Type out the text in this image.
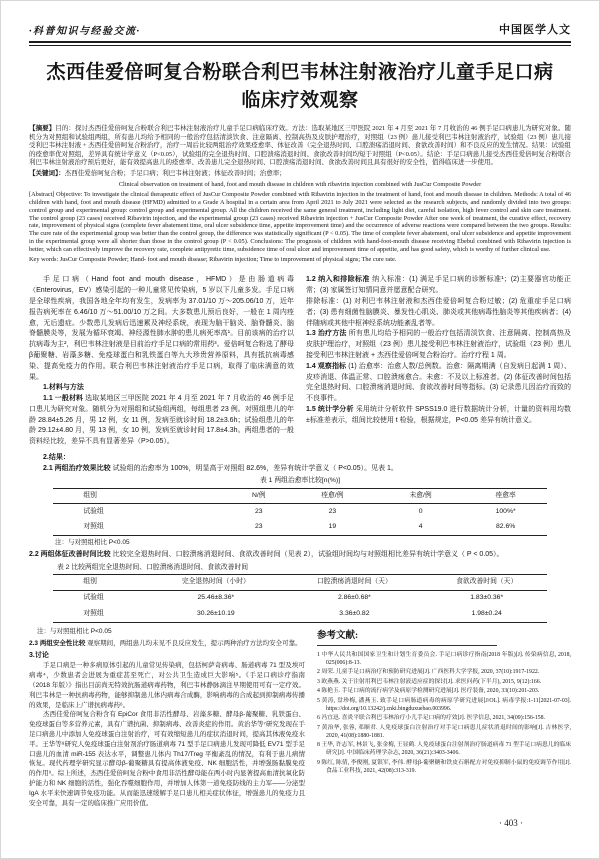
·科普知识与经验交流·	中国医学人文
杰西佳爱倍呵复合粉联合利巴韦林注射液治疗儿童手足口病
临床疗效观察

【摘要】目的：探讨杰西佳爱倍呵复合粉联合利巴韦林注射液治疗儿童手足口病临床疗效。方法：选取某地区三甲医院 2021 年 4 月至 2021 年 7 月收治的 46 例手足口病患儿为研究对象。随机分为对照组和试验组两组，所有患儿均给予相同的一般治疗包括清淡饮食、注意隔离、控制高热及皮肤护理治疗，对照组（23 例）患儿接受利巴韦林注射液治疗，试验组（23 例）患儿接受利巴韦林注射液 + 杰西佳爱倍呵复合粉治疗，治疗一周后比较两组治疗效果痊愈率、体征改善（完全退热时间、口腔溃疡消退时间、食欲改善时间）和不良反应的发生情况。结果：试验组的痊愈率优对照组，差异具有统计学意义（P<0.05），试验组的完全退热时间、口腔溃疡消退时间、食欲改善时间均短于对照组（P<0.05）。结论：手足口病患儿接受杰西佳爱倍呵复合粉联合利巴韦林注射液治疗预后更好，能有效提高患儿的痊愈率、改善患儿完全退热时间、口腔溃疡消退时间、食欲改善时间且具有很好的安全性，值得临床进一步使用。

【关键词】：杰西佳爱倍呵复合粉；手足口病；利巴韦林注射液；体征改善时间；治愈率；

Clinical observation on treatment of hand, foot and mouth disease in children with ribavirin injection combined with JusCur Composite Powder

[Abstract] Objective: To investigate the clinical therapeutic effect of JusCur Composite Powder combined with Ribavirin injection in the treatment of hand, foot and mouth disease in children. Methods: A total of 46 children with hand, foot and mouth disease (HFMD) admitted to a Grade A hospital in a certain area from April 2021 to July 2021 were selected as the research subjects, and randomly divided into two groups: control group and experimental group: control group and experimental group. All the children received the same general treatment, including light diet, careful isolation, high fever control and skin care treatment. The control group (23 cases) received Ribavirin injection, and the experimental group (23 cases) received Ribavirin injection + JusCur Composite Powder After one week of treatment, the curative effect, recovery rate, improvement of physical signs (complete fever abatement time, oral ulcer subsidence time, appetite improvement time) and the occurrence of adverse reactions were compared between the two groups. Results: The cure rate of the experimental group was better than the control group, the difference was statistically significant (P < 0.05). The time of complete fever abatement, oral ulcer subsidence and appetite improvement in the experimental group were all shorter than those in the control group (P < 0.05). Conclusions: The prognosis of children with hand-foot-mouth disease receiving Ebebul combined with Ribavirin injection is better, which can effectively improve the recovery rate, complete antipyretic time, subsidence time of oral ulcer and improvement time of appetite, and has good safety, which is worthy of further clinical use.

Key words: JusCur Composite Powder; Hand- foot and mouth disease; Ribavirin injection; Time to improvement of physical signs; The cure rate.

手足口病（Hand foot and mouth disease，HFMD）是由肠道病毒（Enterovirus，EV）感染引起的一种儿童常见传染病，5 岁以下儿童多发。手足口病是全球性疾病，我国各地全年均有发生，发病率为 37.01/10 万～205.06/10 万，近年报告病死率在 6.46/10 万～51.00/10 万之间。大多数患儿预后良好，一般在 1 周内痊愈，无后遗症。少数患儿发病后迅速累及神经系统，表现为脑干脑炎、脑脊髓炎、脑脊髓膜炎等，发展为循环衰竭、神经源性肺水肿的患儿病死率高¹。目前该病的治疗以抗病毒为主²，利巴韦林注射液是目前治疗手足口病的常用药³。爱倍呵复合粉选了酵母β葡聚糖、岩藻多糖、免疫球蛋白和乳铁蛋白等九大珍贵营养原料，具有抵抗病毒感染、提高免疫力的作用。联合利巴韦林注射液治疗手足口病，取得了临床满意的效果。

1.材料与方法

1.1 一般材料 选取某地区三甲医院 2021 年 4 月至 2021 年 7 月收治的 46 例手足口患儿为研究对象。随机分为对照组和试验组两组，每组患者 23 例。对照组患儿的年龄 28.84±5.26 月，男 12 例，女 11 例，发病至就诊时间 18.2±3.6h；试验组患儿的年龄 29.12±4.80 月，男 13 例，女 10 例，发病至就诊时间 17.8±4.3h。两组患者的一般资料经比较，差异不具有显著差异（P>0.05）。

1.2 纳入和排除标准 纳入标准：(1) 满足手足口病的诊断标准¹；(2)主要器官功能正常；(3) 家属签订知情同意并愿意配合研究。

排除标准：(1) 对利巴韦林注射液和杰西佳爱倍呵复合粉过敏；(2) 危重症手足口病者；(3) 患有细菌性脑膜炎、暴发性心肌炎、肺炎或其他病毒性脑炎等其他疾病者；(4) 伴随病或其他中枢神经系统功能紊乱者等。

1.3 治疗方法 所有患儿均给予相同的一般治疗包括清淡饮食、注意隔离、控制高热及皮肤护理治疗，对照组（23 例）患儿接受利巴韦林注射液治疗，试验组（23 例）患儿接受利巴韦林注射液 + 杰西佳爱倍呵复合粉治疗。治疗疗程 1 周。

1.4 观察指标 (1) 治愈率：治愈人数/总例数。治愈：隔离期满（自发病日起满 1 周）、皮疹消退、体温正常、口腔溃疡愈合。未愈：不及以上标准者。(2) 体征改善时间包括完全退热时间、口腔溃疡消退时间、食欲改善时间等指标。(3) 记录患儿因治疗而致的不良事件。

1.5 统计学分析 采用统计分析软件 SPSS19.0 进行数据统计分析，计量的资料用均数±标准差表示，组间比较使用 t 检验，根据规定，P<0.05 差异有统计意义。

2.结果：

2.1 两组治疗效果比较 试验组的治愈率为 100%，明显高于对照组 82.6%，差异有统计学意义（ P<0.05）。见表 1。

表 1 两组治愈率比较[n(%)]

组别	N/例	痊愈/例	未愈/例	痊愈率
试验组	23	23	0	100%*
对照组	23	19	4	82.6%

注：与对照组相比 P<0.05

2.2 两组体征改善时间比较 比较完全退热时间、口腔溃疡消退时间、食欲改善时间（见表 2），试验组时间均与对照组相比差异有统计学意义（ P < 0.05）。

表 2 比较两组完全退热时间、口腔溃疡消退时间、食欲改善时间

组别	完全退热时间（小时）	口腔溃疡消退时间（天）	食欲改善时间（天）
试验组	25.46±8.36*	2.86±0.68*	1.83±0.36*
对照组	30.26±10.19	3.36±0.82	1.98±0.24

注：与对照组相比 P<0.05

2.3 两组安全性比较 观察期间，两组患儿均未见不良反应发生，提示两种治疗方法均安全可靠。

3.讨论

手足口病是一种多病原体引起的儿童常见传染病，包括柯萨奇病毒、肠道病毒 71 型及埃可病毒⁴，少数患者会进展为重症甚至死亡，对公共卫生造成巨大影响⁵。《手足口病诊疗指南（2018 年版）》指出目前尚无特效抗肠道病毒药物，利巴韦林静脉滴注早期使用可有一定疗效。利巴韦林是一种抗病毒药物，能够抑制患儿体内病毒合成酶，影响病毒的合成起到抑制病毒传播的效果，是临床上广谱抗病毒药⁶。

杰西佳爱倍呵复合粉含有 EpiCor 食用非活性酵母、岩藻多糖、酵母β-葡聚糖、乳铁蛋白、免疫球蛋白等多营养元素，具有广谱抗菌、抑制病毒、改善炎症的作用。黄治华等⁷研究发现在手足口病患儿中添加人免疫球蛋白注射治疗，可有效缩短患儿的症状消退时间，提高其体液免疫水平。王华等⁸研究人免疫球蛋白注射剂治疗肠道病毒 71 型手足口病患儿发现可降低 EV71 型手足口患儿的血清 miR-155 表达水平，调整患儿体内 Th17/Treg 平衡紊乱的情况，有利于患儿病情恢复。现代药理学研究显示酵母β-葡聚糖具有提高体液免疫、NK 细胞活性，并增强肠黏膜免疫的作用⁹。综上所述，杰西佳爱倍呵复合粉中食用非活性酵母能在两小时内显著提高血清抗氧化防护能力和 NK 细胞的活性，强化吞噬细胞作用，并增加人体第一道免疫防线的主力军——分泌型 IgA 水平来快速调节免疫功能。从而能迅速缓解手足口患儿相关症状体征，增强患儿的免疫力且安全可靠，具有一定的临床推广应用价值。

参考文献:

1 中华人民共和国国家卫生和计划生育委员会. 手足口病诊疗指南(2018 年版)[J]. 传染病信息, 2018, 025(006):8-13.

2 周荣. 儿童手足口病治疗和预防研究进展[J]. 广西医科大学学报, 2020, 37(10):1917-1922.

3 欧燕燕. 关于注射用利巴韦林注射液适应症的探讨[J]. 求医问药(下半月), 2015, 9(12):166.

4 陈艳玉. 手足口病的流行病学及病原学检测研究进展[J]. 医疗装备, 2020, 33(10):201-203.

5 黄涛, 盘珍梅, 潘燕玉. 致手足口病肠道病毒的病原学研究进展[J/OL]. 病毒学报:1-11[2021-07-03]. https://doi.org/10.13242/j.cnki.bingduxuebao.003996.

6 冯宜迅. 喜炎平联合利巴韦林治疗小儿手足口病的疗效[J]. 医学信息, 2021, 34(09):156-158.

7 黄治华, 张蓉, 邓顺君. 人免疫球蛋白注射治疗对手足口病患儿症状消退时间的影响[J]. 吉林医学, 2020, 41(08):1880-1881.

8 王华, 许志军, 林景飞, 张金梅, 王显鹤. 人免疫球蛋白注射剂治疗肠道病毒 71 型手足口病患儿的临床研究[J]. 中国临床药理学杂志, 2020, 36(21):3403-3406.

9 陈红, 陈倩, 李俊刚, 夏银军, 李伟. 酵母β-葡聚糖和铁皮石斛配方对免疫抑制小鼠的免疫调节作用[J]. 食品工业科技, 2021, 42(08):313-319.

· 403 ·
